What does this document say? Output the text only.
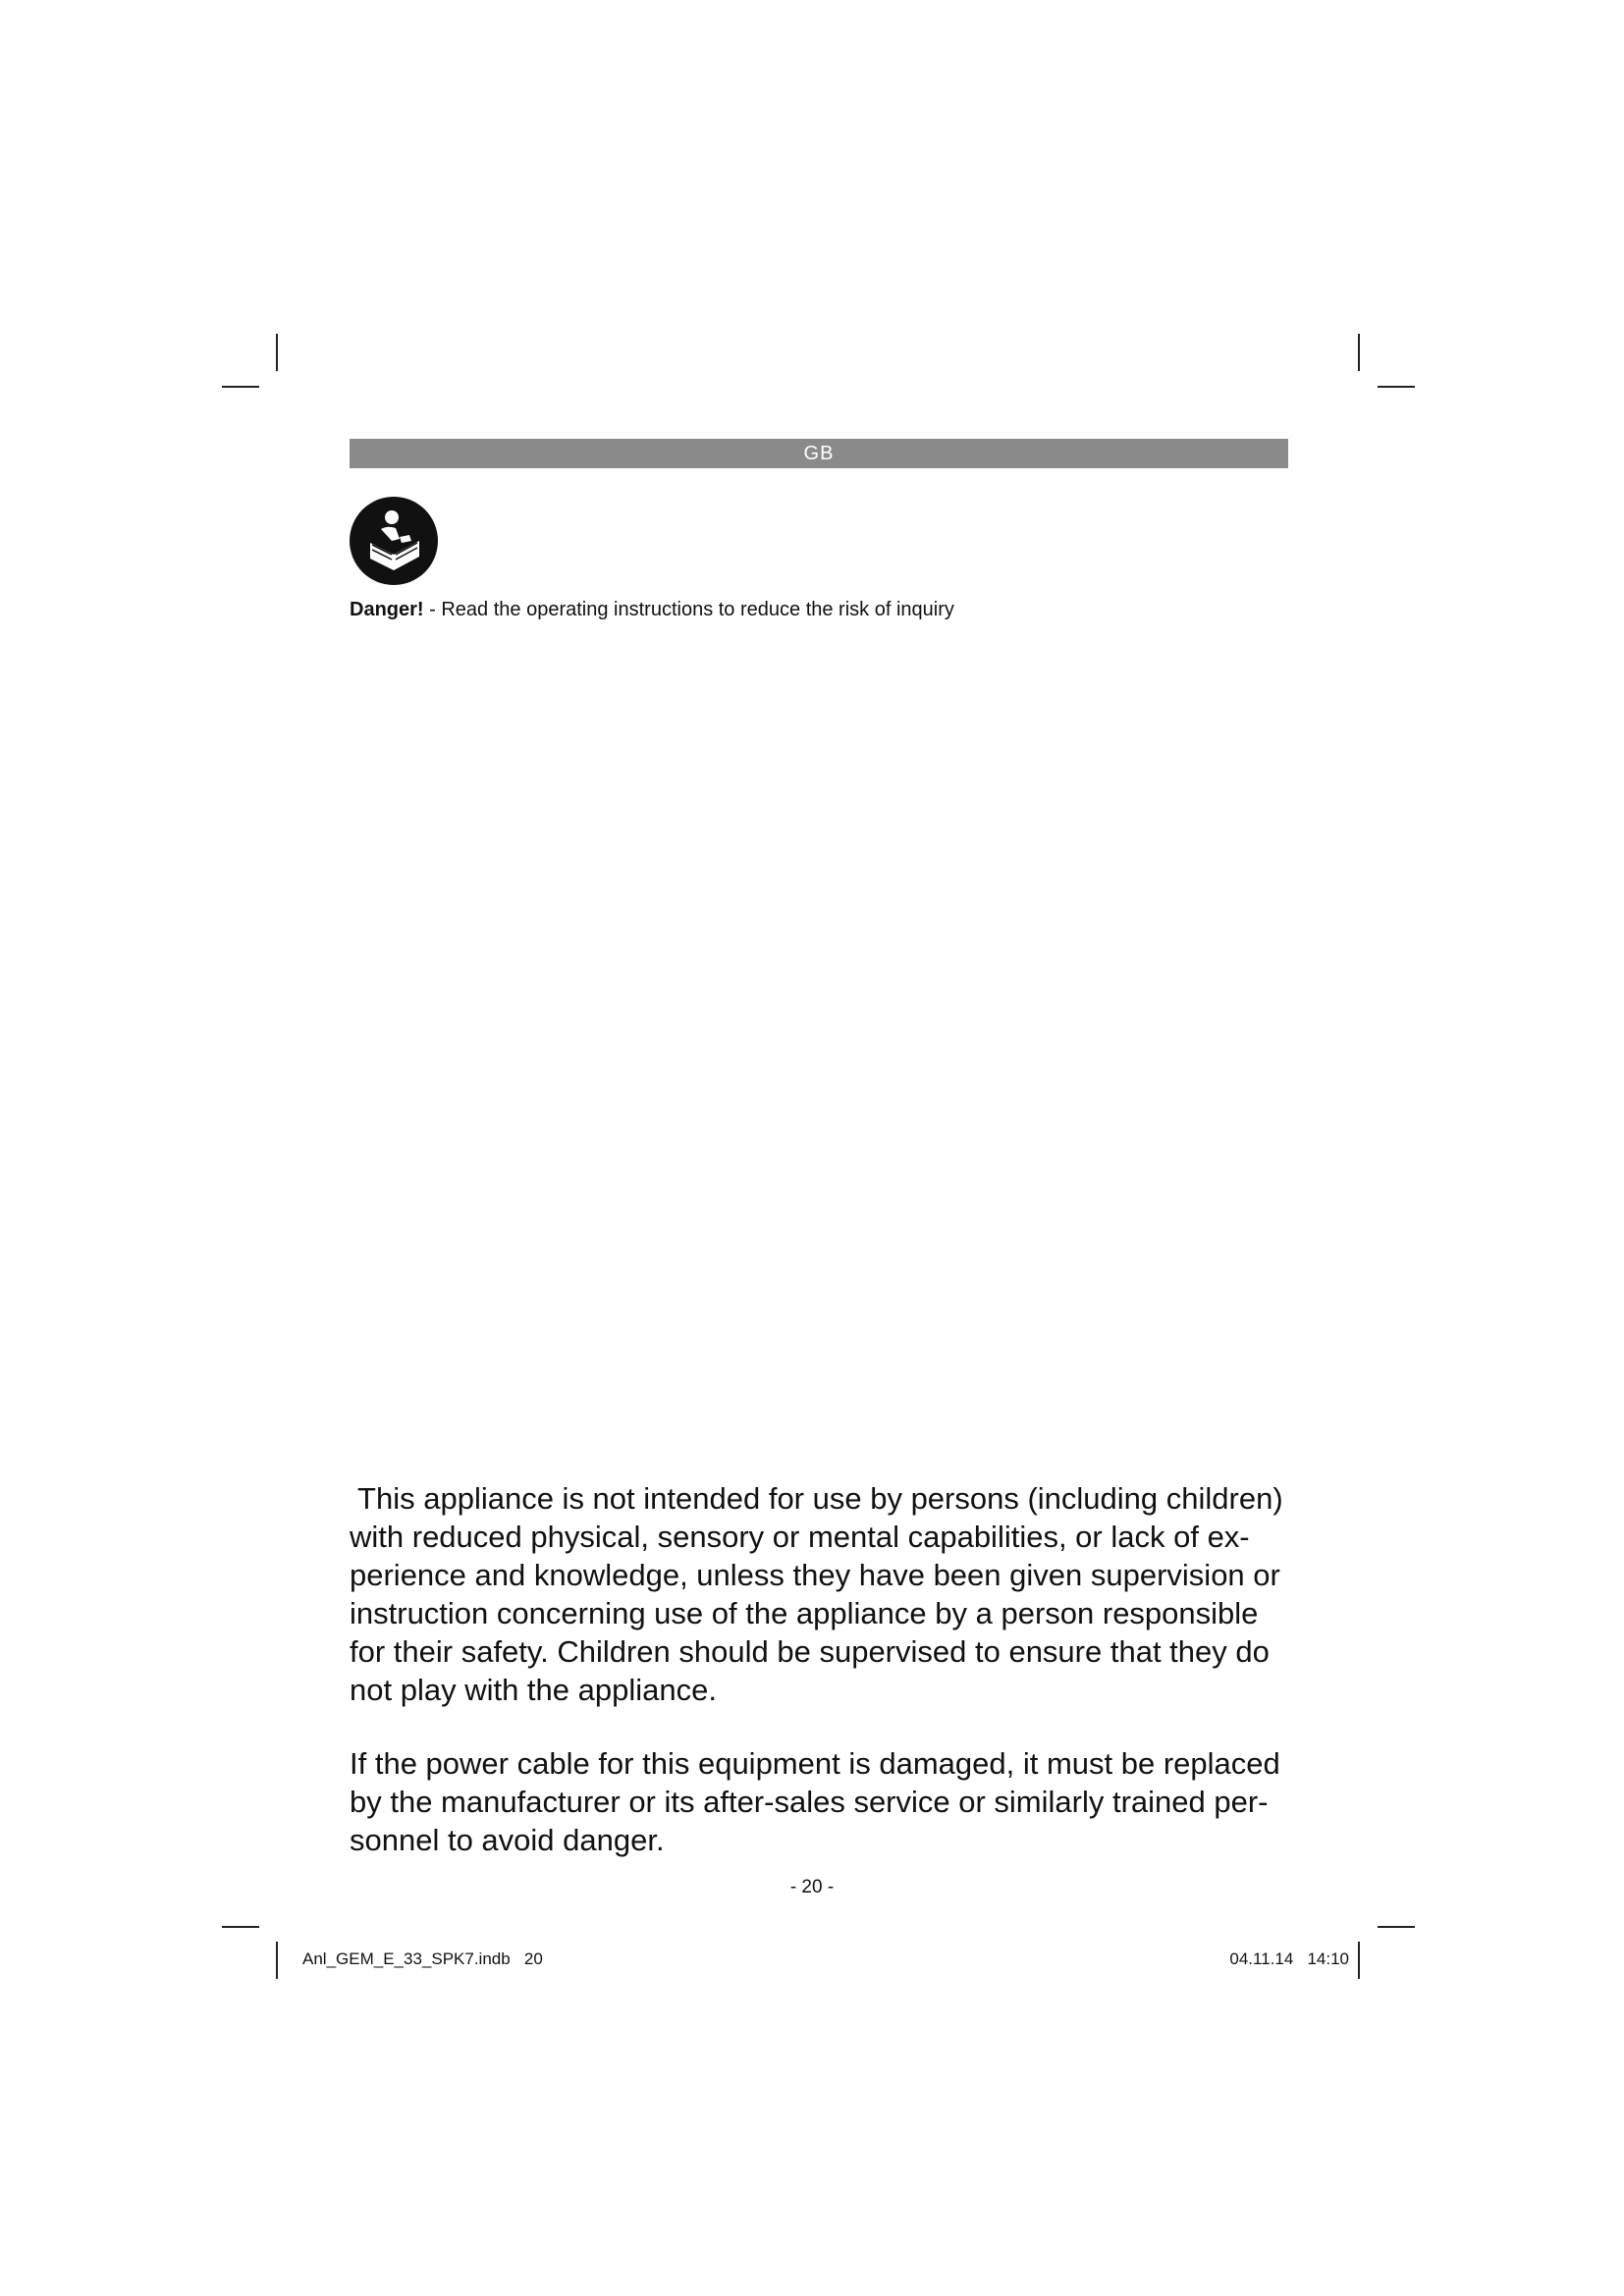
GB
Danger! - Read the operating instructions to reduce the risk of inquiry
This appliance is not intended for use by persons (including children)
with reduced physical, sensory or mental capabilities, or lack of ex-
perience and knowledge, unless they have been given supervision or
instruction concerning use of the appliance by a person responsible
for their safety. Children should be supervised to ensure that they do
not play with the appliance.
If the power cable for this equipment is damaged, it must be replaced
by the manufacturer or its after-sales service or similarly trained per-
sonnel to avoid danger.
- 20 -
Anl_GEM_E_33_SPK7.indb   20	04.11.14   14:10
